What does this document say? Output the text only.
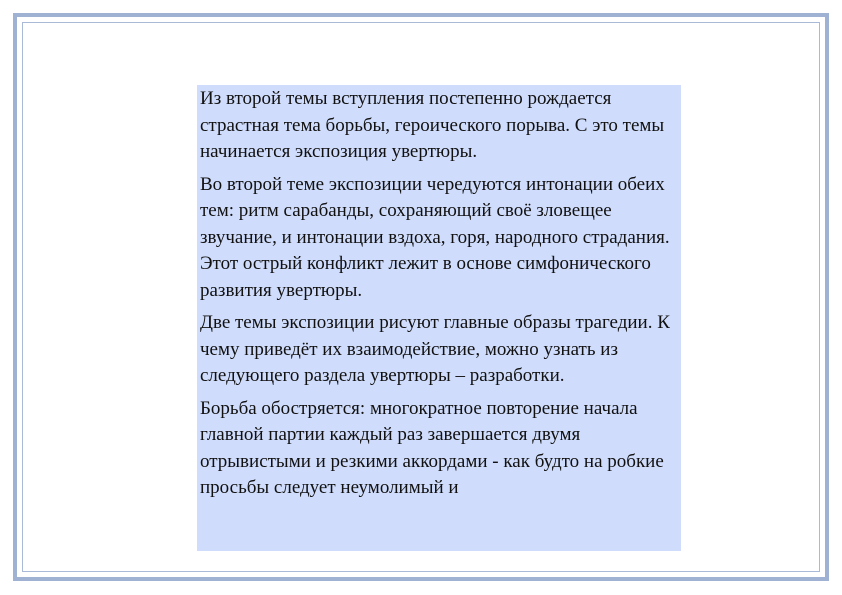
Из второй темы вступления постепенно рождается страстная тема борьбы, героического порыва. С это темы начинается экспозиция увертюры.

Во второй теме экспозиции чередуются интонации обеих тем: ритм сарабанды, сохраняющий своё зловещее звучание, и интонации вздоха, горя, народного страдания. Этот острый конфликт лежит в основе симфонического развития увертюры.

Две темы экспозиции рисуют главные образы трагедии. К чему приведёт их взаимодействие, можно узнать из следующего раздела увертюры – разработки.

Борьба обостряется: многократное повторение начала главной партии каждый раз завершается двумя отрывистыми и резкими аккордами - как будто на робкие просьбы следует неумолимый и
